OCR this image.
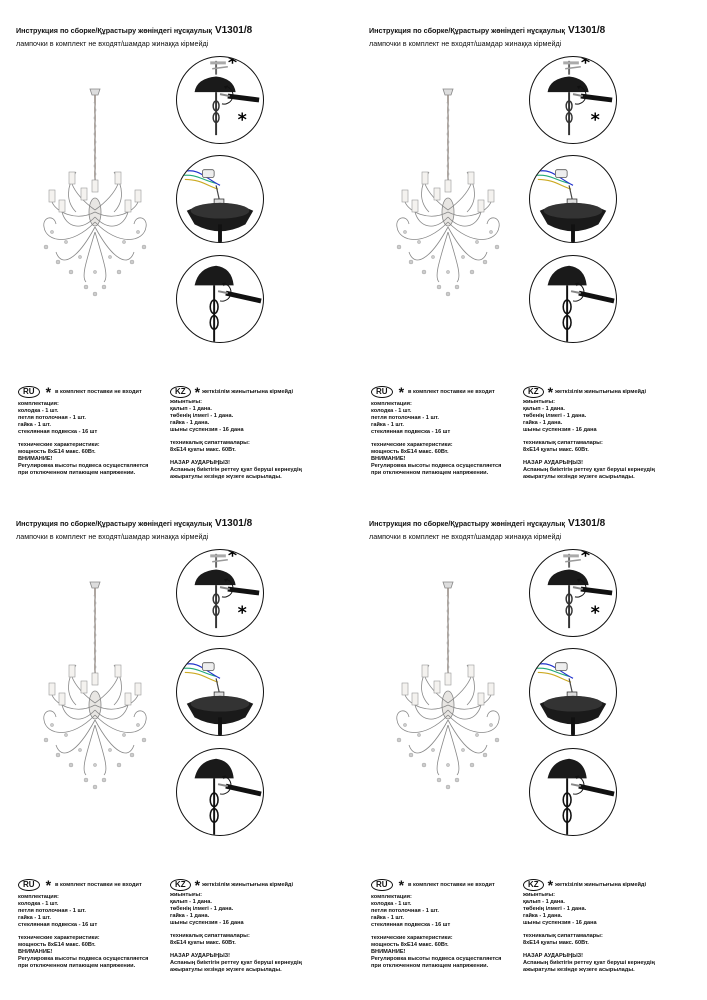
Инструкция по сборке/Құрастыру жөніндегі нұсқаулық V1301/8
лампочки в комплект не входят/шамдар жинаққа кірмейді
*
*
RU * в комплект поставки не входит
комплектация:
колодка - 1 шт.
петля потолочная - 1 шт.
гайка - 1 шт.
стеклянная подвеска - 16 шт
технические характеристики:
мощность 8хЕ14 макс. 60Вт.
ВНИМАНИЕ!
Регулировка высоты подвеса осуществляется
при отключенном питающем напряжении.
KZ * жеткізілім жинытығына кірмейді
жиынтығы:
қалып - 1 дана.
төбенің ілмегі - 1 дана.
гайка - 1 дана.
шыны суспензия - 16 дана
техникалық сипаттамалары:
8хЕ14 қуаты макс. 60Вт.
НАЗАР АУДАРЫҢЫЗ!
Аспаның биіктігін реттеу қуат беруші кернеудің
ажыратулы кезінде жүзеге асырылады.
Инструкция по сборке/Құрастыру жөніндегі нұсқаулық V1301/8
лампочки в комплект не входят/шамдар жинаққа кірмейді
*
*
RU * в комплект поставки не входит
комплектация:
колодка - 1 шт.
петля потолочная - 1 шт.
гайка - 1 шт.
стеклянная подвеска - 16 шт
технические характеристики:
мощность 8хЕ14 макс. 60Вт.
ВНИМАНИЕ!
Регулировка высоты подвеса осуществляется
при отключенном питающем напряжении.
KZ * жеткізілім жинытығына кірмейді
жиынтығы:
қалып - 1 дана.
төбенің ілмегі - 1 дана.
гайка - 1 дана.
шыны суспензия - 16 дана
техникалық сипаттамалары:
8хЕ14 қуаты макс. 60Вт.
НАЗАР АУДАРЫҢЫЗ!
Аспаның биіктігін реттеу қуат беруші кернеудің
ажыратулы кезінде жүзеге асырылады.
Инструкция по сборке/Құрастыру жөніндегі нұсқаулық V1301/8
лампочки в комплект не входят/шамдар жинаққа кірмейді
*
*
RU * в комплект поставки не входит
комплектация:
колодка - 1 шт.
петля потолочная - 1 шт.
гайка - 1 шт.
стеклянная подвеска - 16 шт
технические характеристики:
мощность 8хЕ14 макс. 60Вт.
ВНИМАНИЕ!
Регулировка высоты подвеса осуществляется
при отключенном питающем напряжении.
KZ * жеткізілім жинытығына кірмейді
жиынтығы:
қалып - 1 дана.
төбенің ілмегі - 1 дана.
гайка - 1 дана.
шыны суспензия - 16 дана
техникалық сипаттамалары:
8хЕ14 қуаты макс. 60Вт.
НАЗАР АУДАРЫҢЫЗ!
Аспаның биіктігін реттеу қуат беруші кернеудің
ажыратулы кезінде жүзеге асырылады.
Инструкция по сборке/Құрастыру жөніндегі нұсқаулық V1301/8
лампочки в комплект не входят/шамдар жинаққа кірмейді
*
*
RU * в комплект поставки не входит
комплектация:
колодка - 1 шт.
петля потолочная - 1 шт.
гайка - 1 шт.
стеклянная подвеска - 16 шт
технические характеристики:
мощность 8хЕ14 макс. 60Вт.
ВНИМАНИЕ!
Регулировка высоты подвеса осуществляется
при отключенном питающем напряжении.
KZ * жеткізілім жинытығына кірмейді
жиынтығы:
қалып - 1 дана.
төбенің ілмегі - 1 дана.
гайка - 1 дана.
шыны суспензия - 16 дана
техникалық сипаттамалары:
8хЕ14 қуаты макс. 60Вт.
НАЗАР АУДАРЫҢЫЗ!
Аспаның биіктігін реттеу қуат беруші кернеудің
ажыратулы кезінде жүзеге асырылады.
